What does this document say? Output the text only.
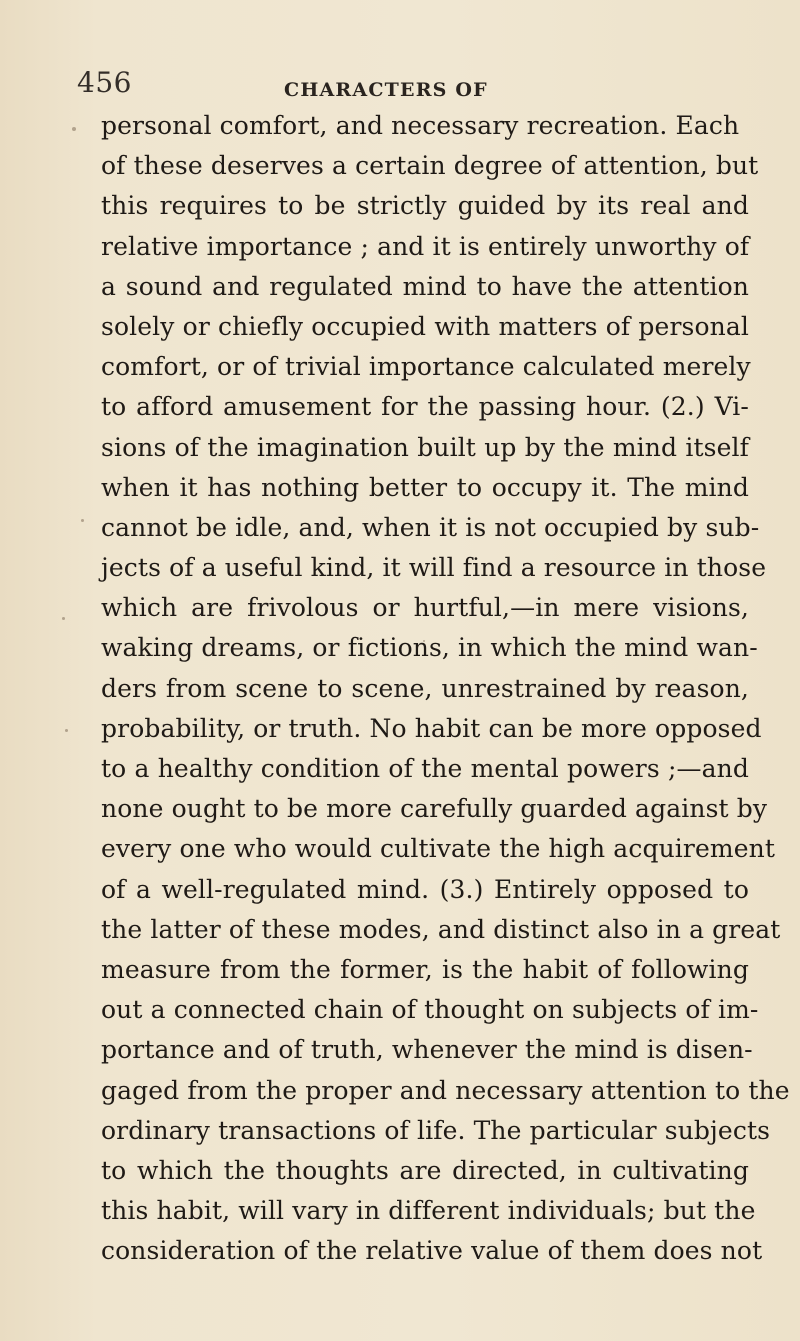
456	CHARACTERS OF
personal comfort, and necessary recreation. Each
of these deserves a certain degree of attention, but
this requires to be strictly guided by its real and
relative importance ; and it is entirely unworthy of
a sound and regulated mind to have the attention
solely or chiefly occupied with matters of personal
comfort, or of trivial importance calculated merely
to afford amusement for the passing hour. (2.) Vi-
sions of the imagination built up by the mind itself
when it has nothing better to occupy it. The mind
cannot be idle, and, when it is not occupied by sub-
jects of a useful kind, it will find a resource in those
which are frivolous or hurtful,—in mere visions,
waking dreams, or fictions, in which the mind wan-
ders from scene to scene, unrestrained by reason,
probability, or truth. No habit can be more opposed
to a healthy condition of the mental powers ;—and
none ought to be more carefully guarded against by
every one who would cultivate the high acquirement
of a well-regulated mind. (3.) Entirely opposed to
the latter of these modes, and distinct also in a great
measure from the former, is the habit of following
out a connected chain of thought on subjects of im-
portance and of truth, whenever the mind is disen-
gaged from the proper and necessary attention to the
ordinary transactions of life. The particular subjects
to which the thoughts are directed, in cultivating
this habit, will vary in different individuals; but the
consideration of the relative value of them does not
